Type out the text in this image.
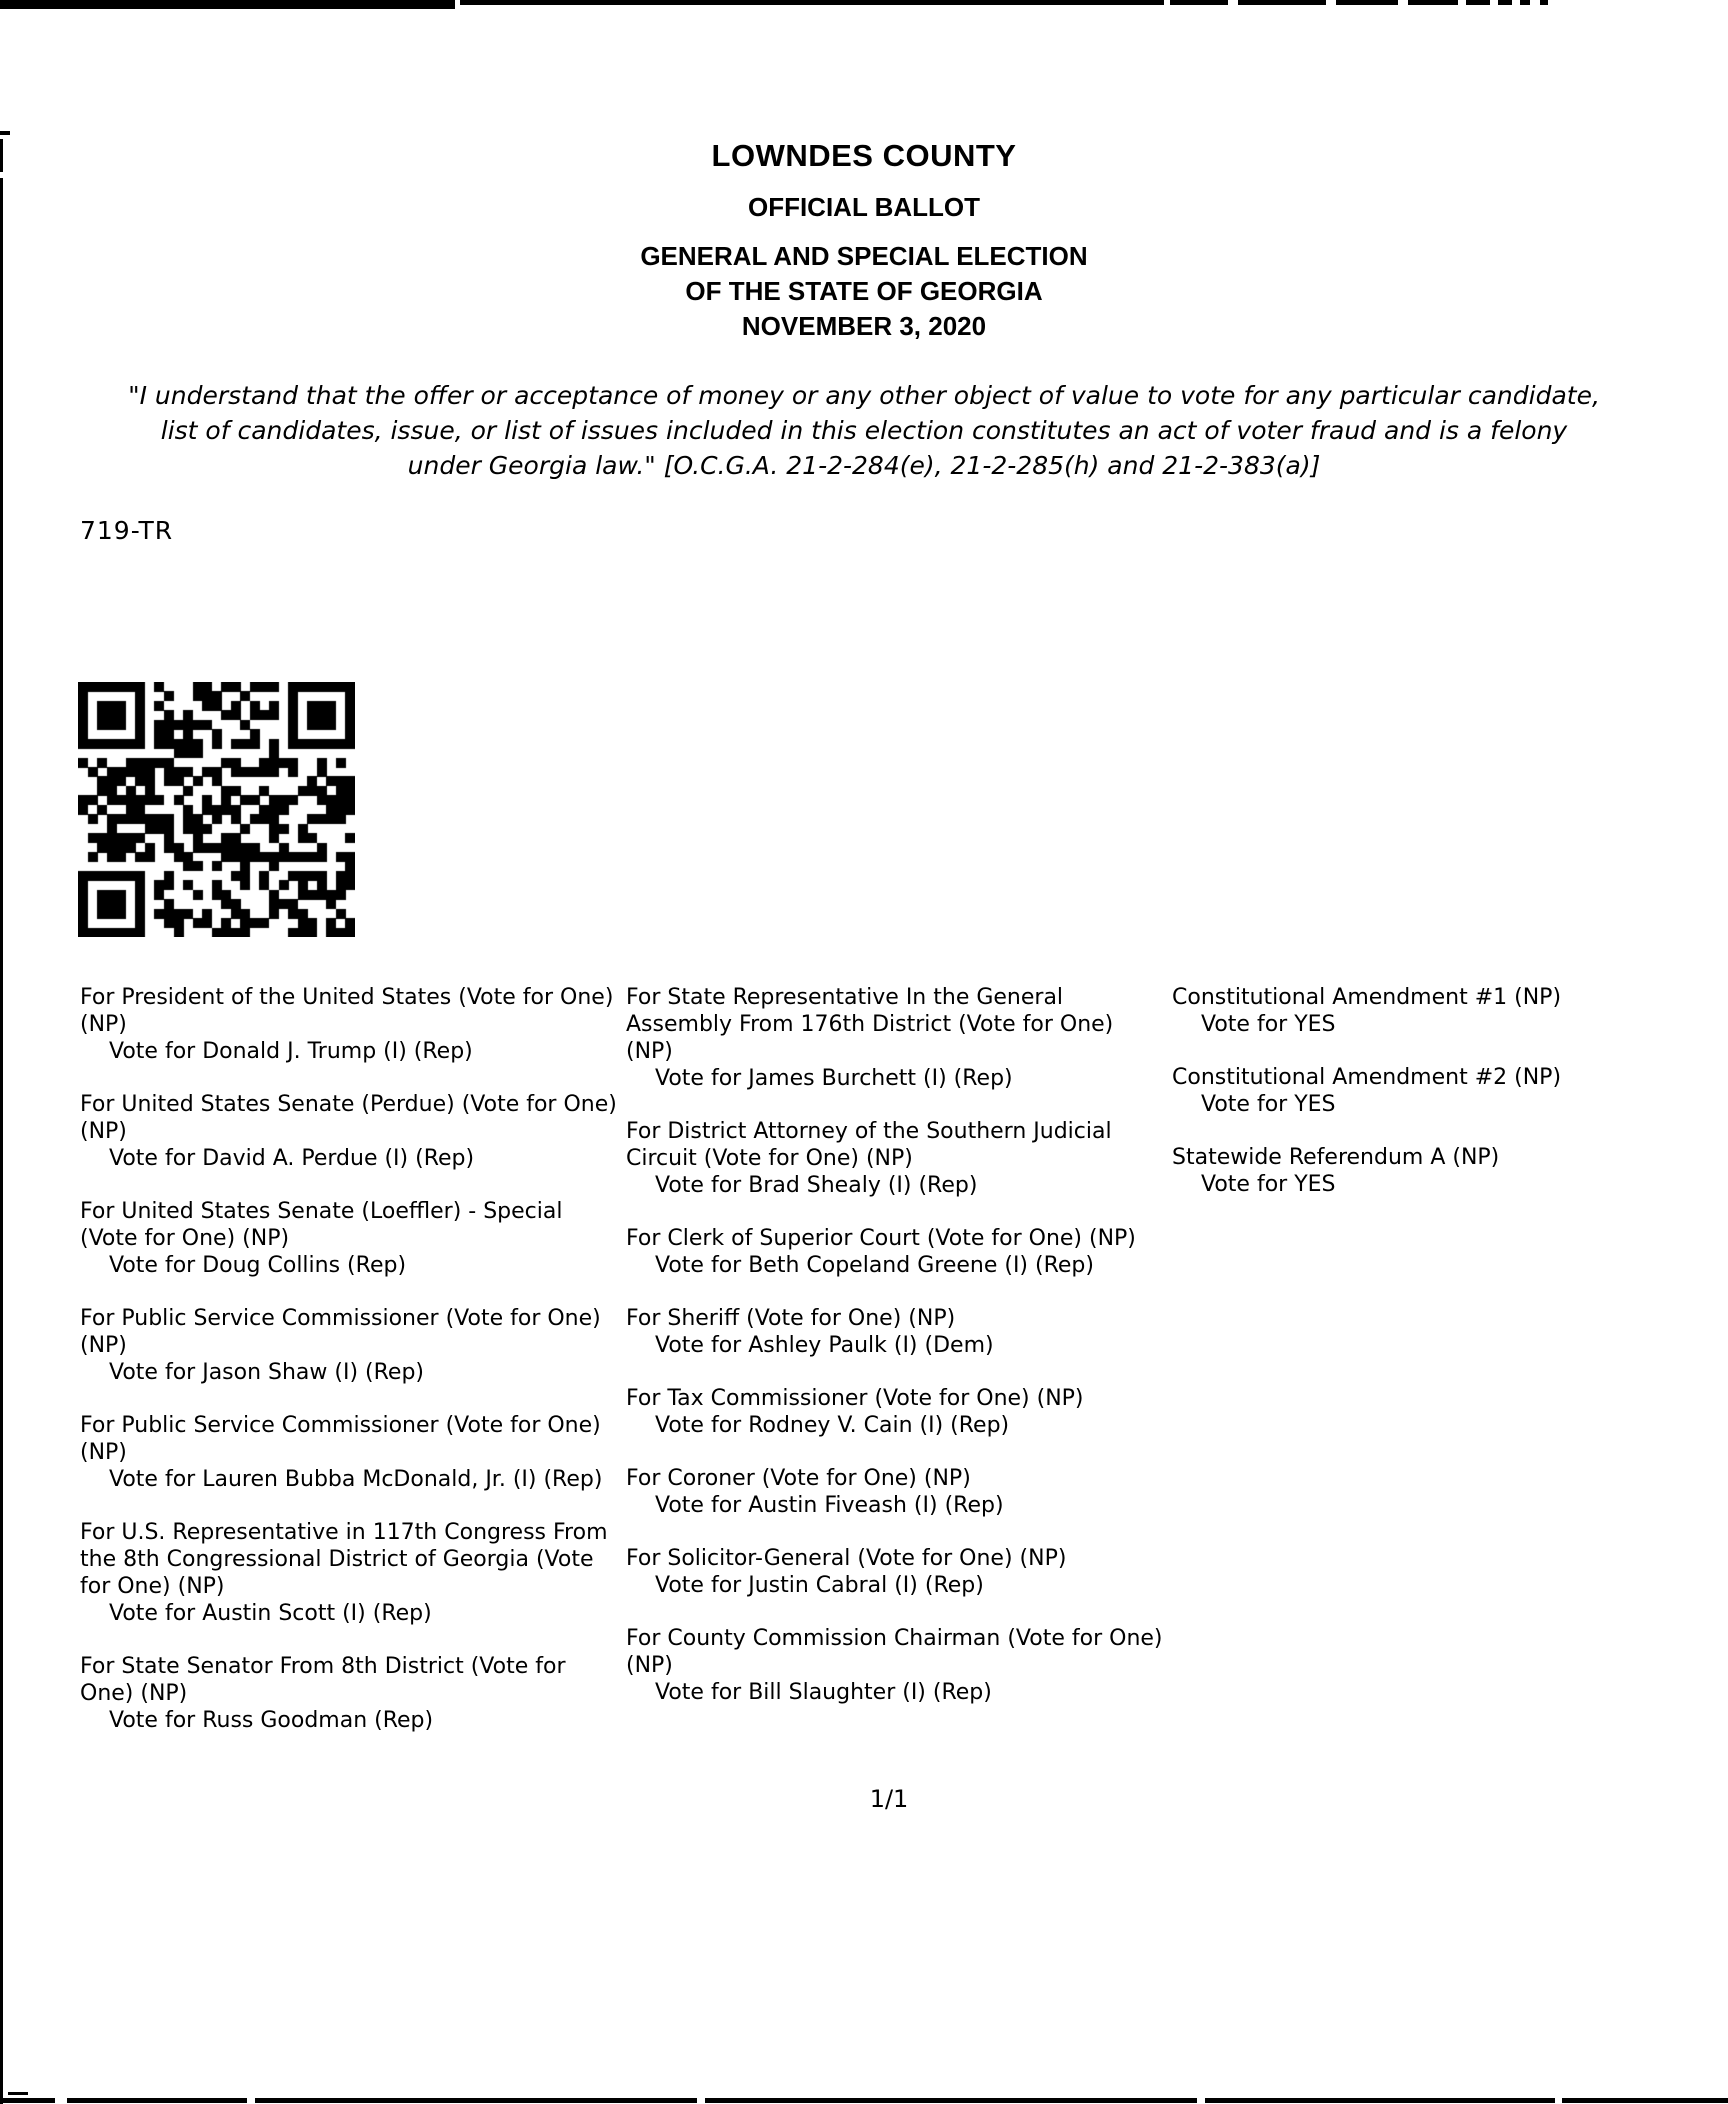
LOWNDES COUNTY
OFFICIAL BALLOT
GENERAL AND SPECIAL ELECTION
OF THE STATE OF GEORGIA
NOVEMBER 3, 2020
"I understand that the offer or acceptance of money or any other object of value to vote for any particular candidate,
list of candidates, issue, or list of issues included in this election constitutes an act of voter fraud and is a felony
under Georgia law." [O.C.G.A. 21-2-284(e), 21-2-285(h) and 21-2-383(a)]
719-TR
For President of the United States (Vote for One) (NP)
Vote for Donald J. Trump (I) (Rep)
For United States Senate (Perdue) (Vote for One) (NP)
Vote for David A. Perdue (I) (Rep)
For United States Senate (Loeffler) - Special (Vote for One) (NP)
Vote for Doug Collins (Rep)
For Public Service Commissioner (Vote for One) (NP)
Vote for Jason Shaw (I) (Rep)
For Public Service Commissioner (Vote for One) (NP)
Vote for Lauren Bubba McDonald, Jr. (I) (Rep)
For U.S. Representative in 117th Congress From the 8th Congressional District of Georgia (Vote for One) (NP)
Vote for Austin Scott (I) (Rep)
For State Senator From 8th District (Vote for One) (NP)
Vote for Russ Goodman (Rep)
For State Representative In the General Assembly From 176th District (Vote for One) (NP)
Vote for James Burchett (I) (Rep)
For District Attorney of the Southern Judicial Circuit (Vote for One) (NP)
Vote for Brad Shealy (I) (Rep)
For Clerk of Superior Court (Vote for One) (NP)
Vote for Beth Copeland Greene (I) (Rep)
For Sheriff (Vote for One) (NP)
Vote for Ashley Paulk (I) (Dem)
For Tax Commissioner (Vote for One) (NP)
Vote for Rodney V. Cain (I) (Rep)
For Coroner (Vote for One) (NP)
Vote for Austin Fiveash (I) (Rep)
For Solicitor-General (Vote for One) (NP)
Vote for Justin Cabral (I) (Rep)
For County Commission Chairman (Vote for One) (NP)
Vote for Bill Slaughter (I) (Rep)
Constitutional Amendment #1 (NP)
Vote for YES
Constitutional Amendment #2 (NP)
Vote for YES
Statewide Referendum A (NP)
Vote for YES
1/1
